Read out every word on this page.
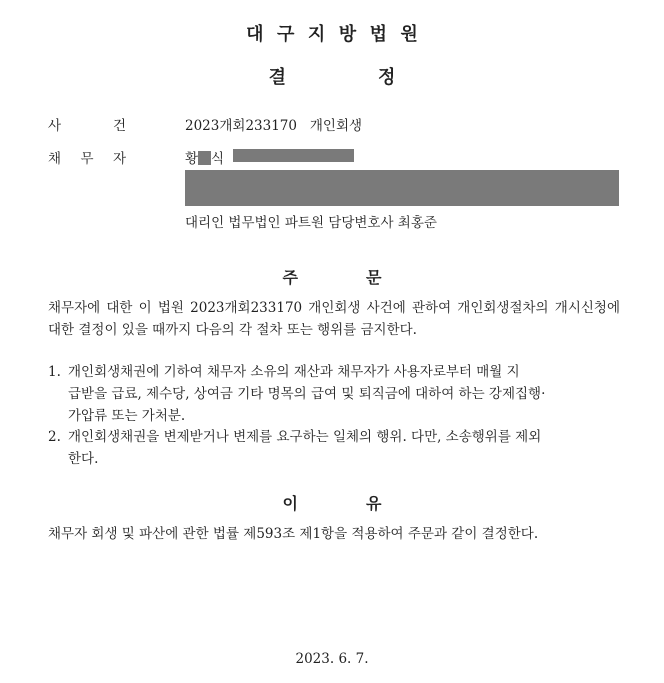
대구지방법원
결	정
사	건	2023개회233170 개인회생
채 무 자	황 식
대리인 법무법인 파트원 담당변호사 최홍준
주	문
채무자에 대한 이 법원 2023개회233170 개인회생 사건에 관하여 개인회생절차의 개시신청에 대한 결정이 있을 때까지 다음의 각 절차 또는 행위를 금지한다.
1. 개인회생채권에 기하여 채무자 소유의 재산과 채무자가 사용자로부터 매월 지
급받을 급료, 제수당, 상여금 기타 명목의 급여 및 퇴직금에 대하여 하는 강제집행·
가압류 또는 가처분.
2. 개인회생채권을 변제받거나 변제를 요구하는 일체의 행위. 다만, 소송행위를 제외
한다.
이	유
채무자 회생 및 파산에 관한 법률 제593조 제1항을 적용하여 주문과 같이 결정한다.
2023. 6. 7.
